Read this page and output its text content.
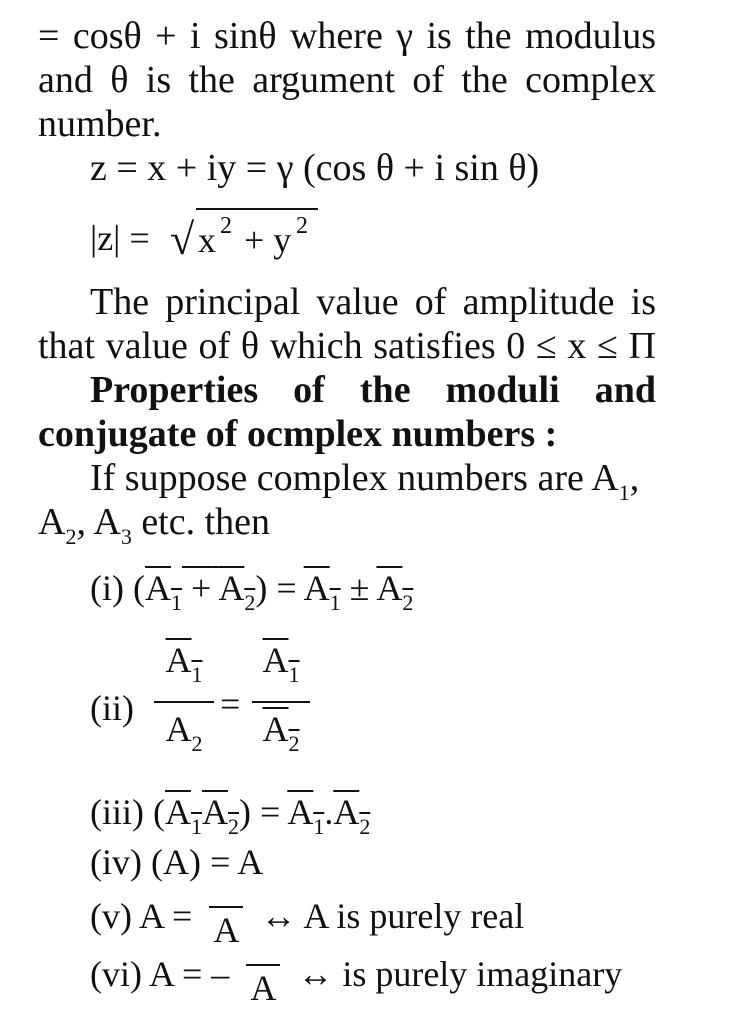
= cosθ + i sinθ where γ is the modulus
and θ is the argument of the complex
number.
z = x + iy = γ (cos θ + i sin θ)
|z| = √ x 2 + y 2
The principal value of amplitude is
that value of θ which satisfies 0 ≤ x ≤ Π
Properties of the moduli and
conjugate of ocmplex numbers :
If suppose complex numbers are $A_1$,
$A_2$, $A_3$ etc. then
(i) $(A_1 + A_2) = A_1 \pm A_2$
(ii)
$A_1$
$A_2$
=
$A_1$
$A_2$
(iii) $(A_1A_2) = A_1.A_2$
(iv) (A) = A
(v) A = A ↔ A is purely real
(vi) A = – A ↔ is purely imaginary
